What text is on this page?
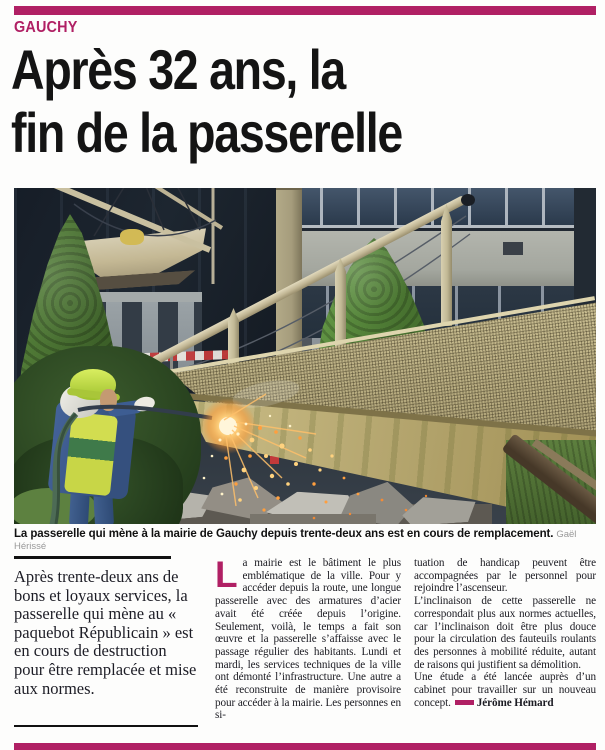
GAUCHY
Après 32 ans, la
fin de la passerelle

La passerelle qui mène à la mairie de Gauchy depuis trente-deux ans est en cours de remplacement. Gaël Hérissé

Après trente-deux ans de bons et loyaux services, la passerelle qui mène au « paquebot Républicain » est en cours de destruction pour être remplacée et mise aux normes.

La mairie est le bâtiment le plus emblématique de la ville. Pour y accéder depuis la route, une longue passerelle avec des armatures d’acier avait été créée depuis l’origine. Seulement, voilà, le temps a fait son œuvre et la passerelle s’affaisse avec le passage régulier des habitants. Lundi et mardi, les services techniques de la ville ont démonté l’infrastructure. Une autre a été reconstruite de manière provisoire pour accéder à la mairie. Les personnes en si-

tuation de handicap peuvent être accompagnées par le personnel pour rejoindre l’ascenseur.

L’inclinaison de cette passerelle ne correspondait plus aux normes actuelles, car l’inclinaison doit être plus douce pour la circulation des fauteuils roulants des personnes à mobilité réduite, autant de raisons qui justifient sa démolition.

Une étude a été lancée auprès d’un cabinet pour travailler sur un nouveau concept. Jérôme Hémard
